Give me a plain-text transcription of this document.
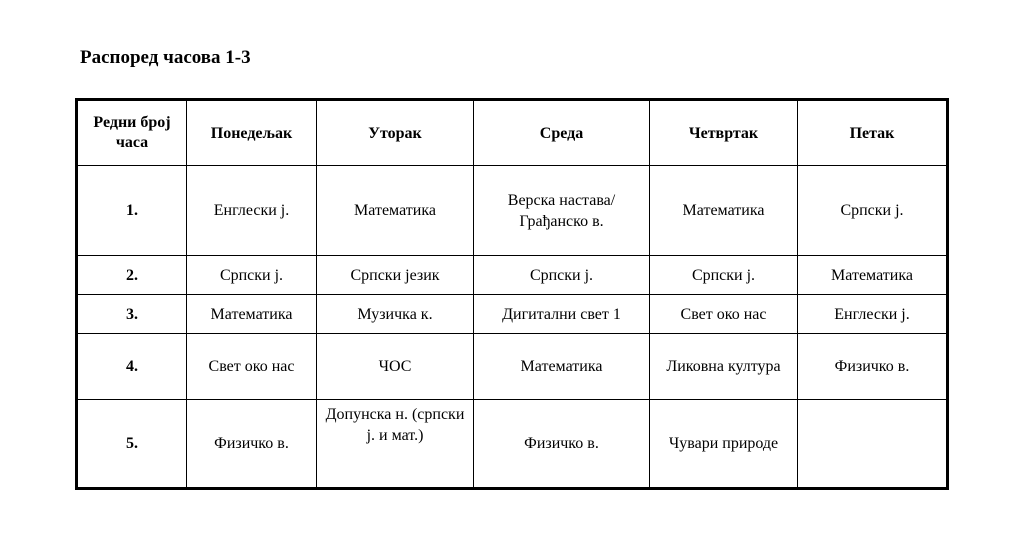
Распоред часова 1-3
Редни број часа	Понедељак	Уторак	Среда	Четвртак	Петак
1.	Енглески ј.	Математика	Верска настава/Грађанско в.	Математика	Српски ј.
2.	Српски ј.	Српски језик	Српски ј.	Српски ј.	Математика
3.	Математика	Музичка к.	Дигитални свет 1	Свет око нас	Енглески ј.
4.	Свет око нас	ЧОС	Математика	Ликовна култура	Физичко в.
5.	Физичко в.	Допунска н. (српски ј. и мат.)	Физичко в.	Чувари природе	
